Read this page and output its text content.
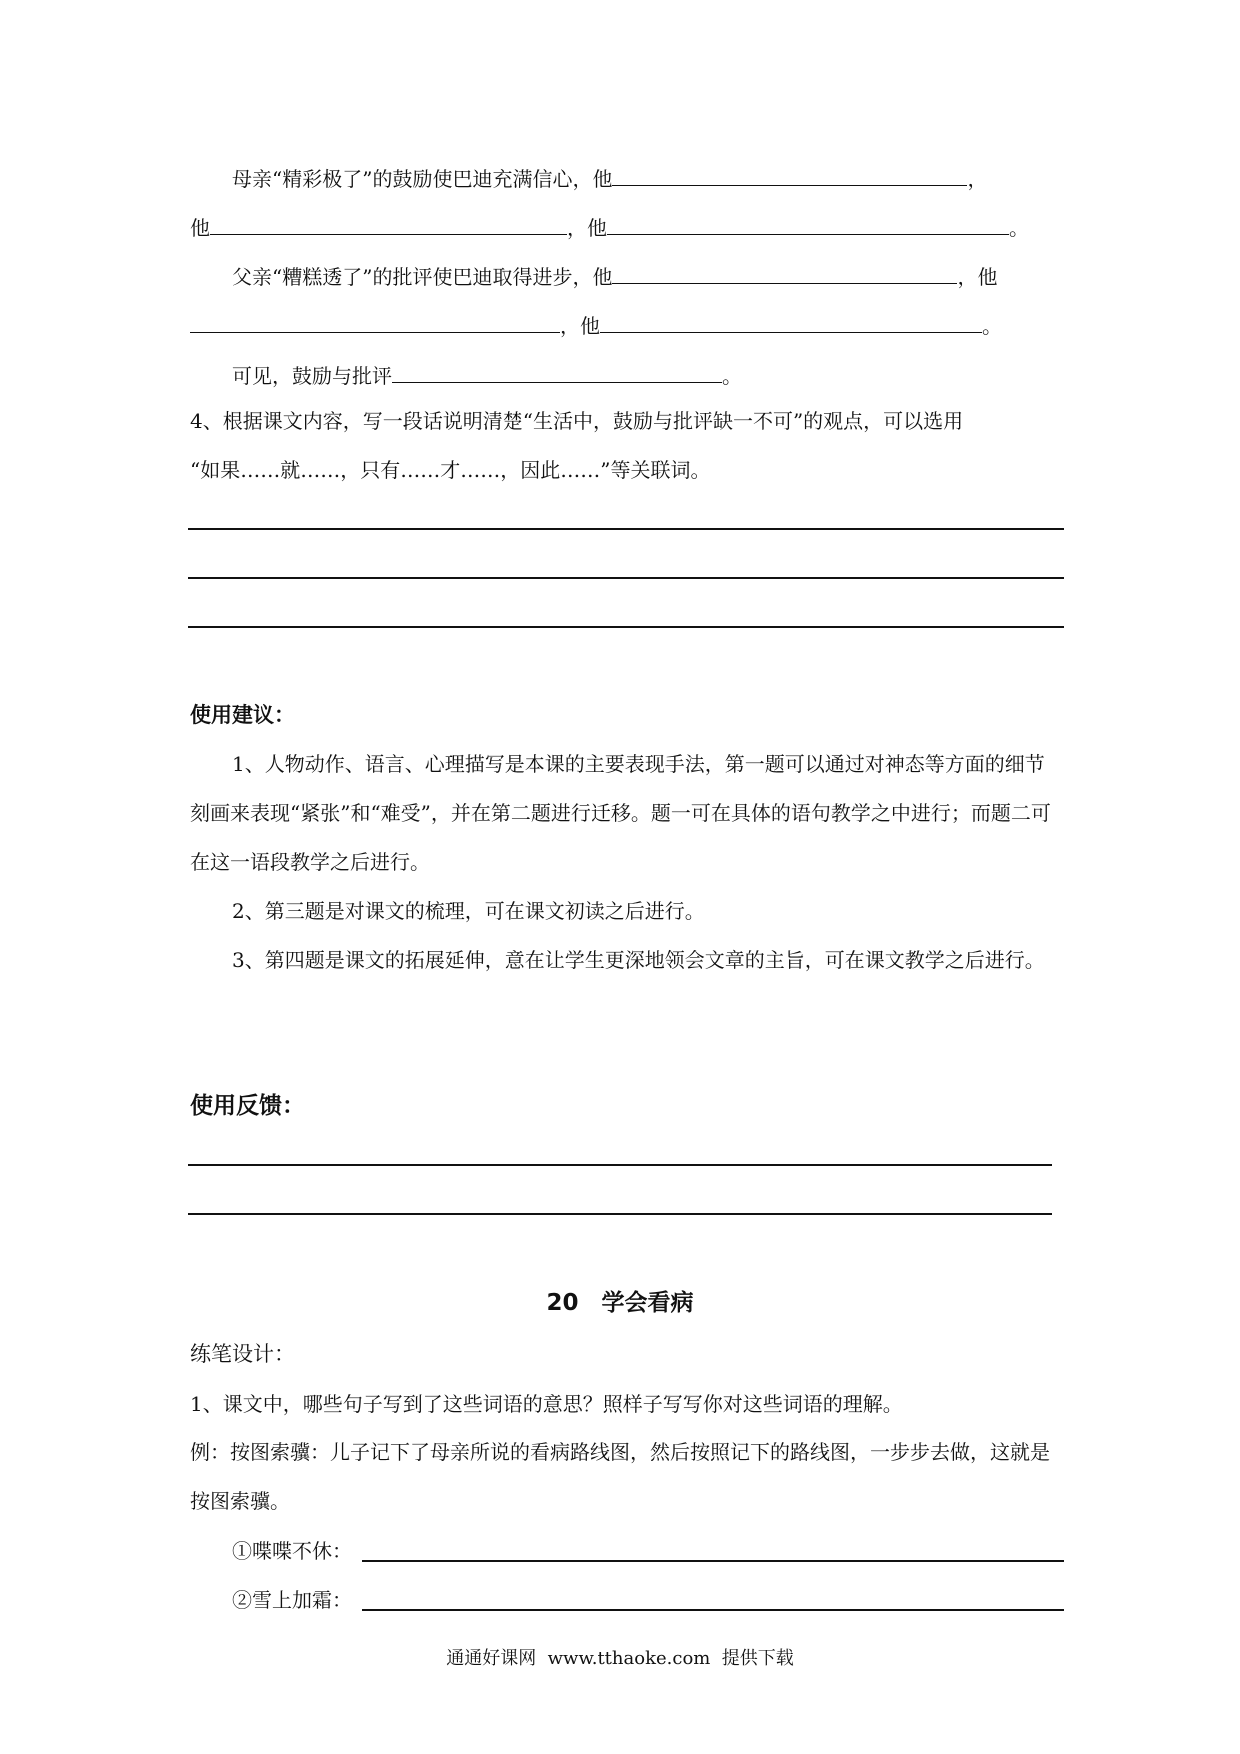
母亲“精彩极了”的鼓励使巴迪充满信心，他	，
他	，他	。
父亲“糟糕透了”的批评使巴迪取得进步，他	，他
，他	。
可见，鼓励与批评	。
4、根据课文内容，写一段话说明清楚“生活中，鼓励与批评缺一不可”的观点，可以选用
“如果……就……，只有……才……，因此……”等关联词。
使用建议：
1、人物动作、语言、心理描写是本课的主要表现手法，第一题可以通过对神态等方面的细节刻画来表现“紧张”和“难受”，并在第二题进行迁移。题一可在具体的语句教学之中进行；而题二可在这一语段教学之后进行。
2、第三题是对课文的梳理，可在课文初读之后进行。
3、第四题是课文的拓展延伸，意在让学生更深地领会文章的主旨，可在课文教学之后进行。
使用反馈：
20　学会看病
练笔设计：
1、课文中，哪些句子写到了这些词语的意思？照样子写写你对这些词语的理解。
例：按图索骥：儿子记下了母亲所说的看病路线图，然后按照记下的路线图，一步步去做，这就是按图索骥。
①喋喋不休：
②雪上加霜：
通通好课网  www.tthaoke.com  提供下载
